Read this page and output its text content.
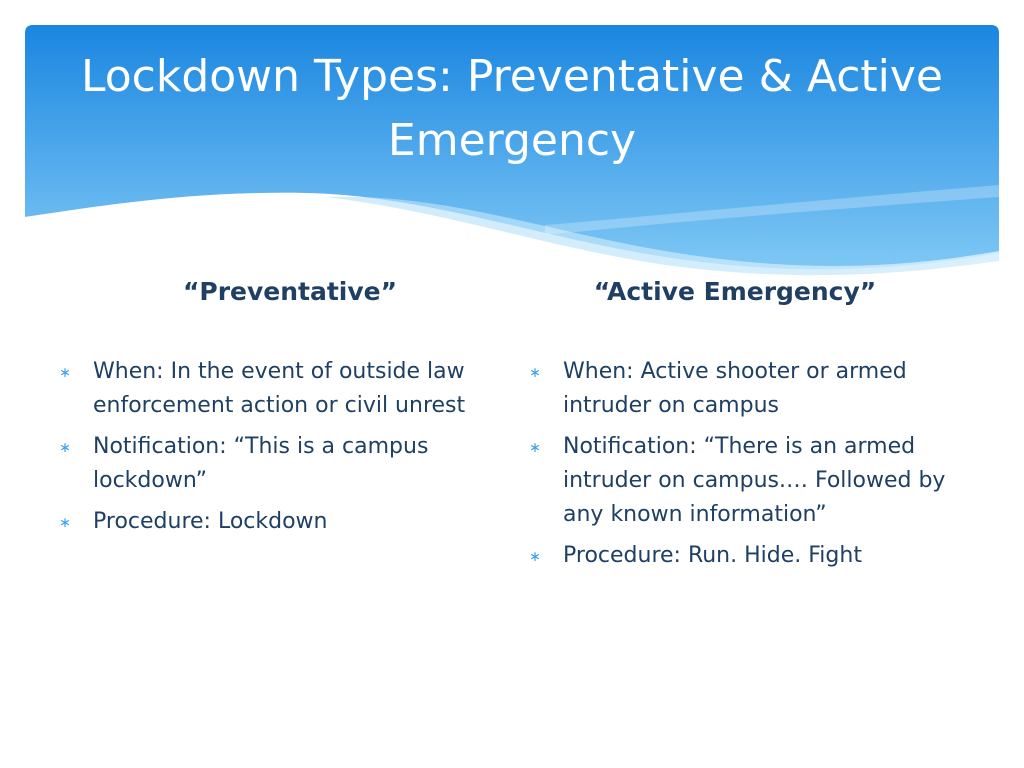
Lockdown Types: Preventative & Active Emergency
“Preventative”	“Active Emergency”
∗ When: In the event of outside law enforcement action or civil unrest
∗ Notification: “This is a campus lockdown”
∗ Procedure: Lockdown
∗ When: Active shooter or armed intruder on campus
∗ Notification: “There is an armed intruder on campus.… Followed by any known information”
∗ Procedure: Run. Hide. Fight
